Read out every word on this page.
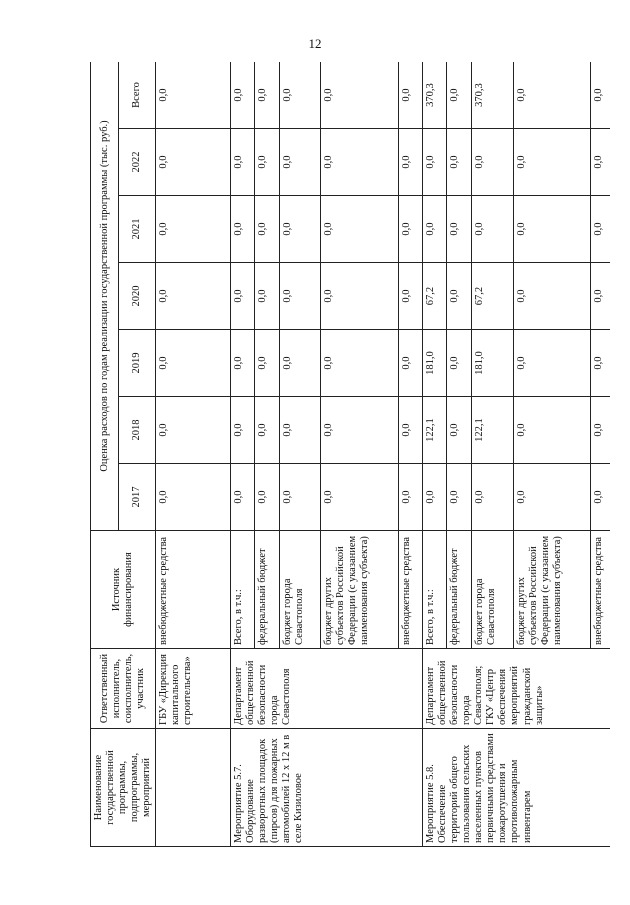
12
Наименование государственной программы, подпрограммы, мероприятий	Ответственный исполнитель, соисполнитель, участник	Источник финансирования	Оценка расходов по годам реализации государственной программы (тыс. руб.)						
			2017	2018	2019	2020	2021	2022	Всего
	ГБУ «Дирекция капитального строительства»	внебюджетные средства	0,0	0,0	0,0	0,0	0,0	0,0	0,0
Мероприятие 5.7. Оборудование разворотных площадок (пирсов) для пожарных автомобилей 12 х 12 м в селе Кизиловое	Департамент общественной безопасности города Севастополя	Всего, в т.ч.:	0,0	0,0	0,0	0,0	0,0	0,0	0,0
		федеральный бюджет	0,0	0,0	0,0	0,0	0,0	0,0	0,0
		бюджет города Севастополя	0,0	0,0	0,0	0,0	0,0	0,0	0,0
		бюджет других субъектов Российской Федерации (с указанием наименования субъекта)	0,0	0,0	0,0	0,0	0,0	0,0	0,0
		внебюджетные средства	0,0	0,0	0,0	0,0	0,0	0,0	0,0
Мероприятие 5.8. Обеспечение территорий общего пользования сельских населенных пунктов первичными средствами пожаротушения и противопожарным инвентарем	Департамент общественной безопасности города Севастополя; ГКУ «Центр обеспечения мероприятий гражданской защиты»	Всего, в т.ч.:	0,0	122,1	181,0	67,2	0,0	0,0	370,3
		федеральный бюджет	0,0	0,0	0,0	0,0	0,0	0,0	0,0
		бюджет города Севастополя	0,0	122,1	181,0	67,2	0,0	0,0	370,3
		бюджет других субъектов Российской Федерации (с указанием наименования субъекта)	0,0	0,0	0,0	0,0	0,0	0,0	0,0
		внебюджетные средства	0,0	0,0	0,0	0,0	0,0	0,0	0,0
